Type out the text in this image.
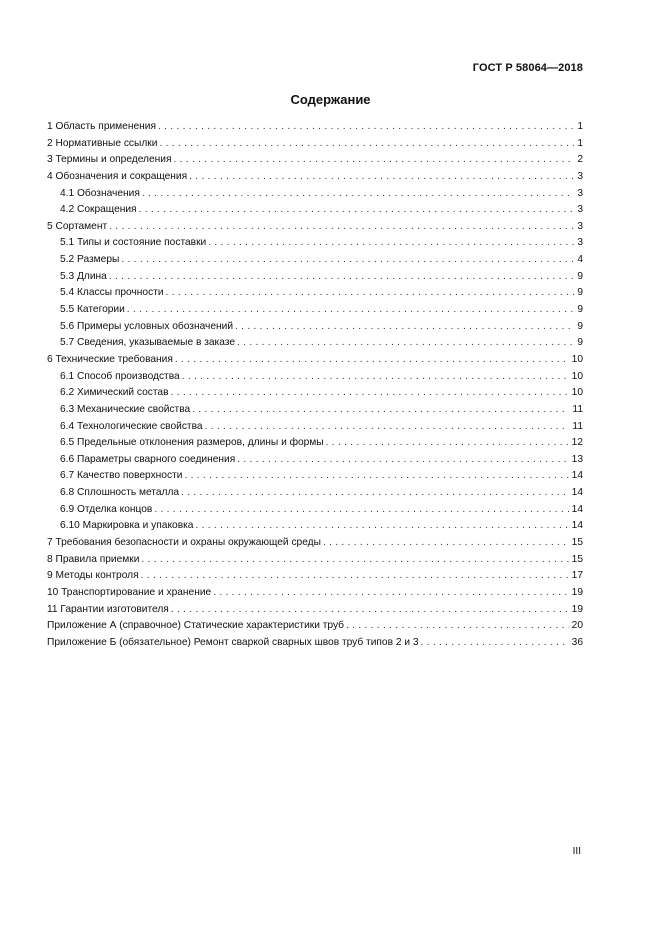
ГОСТ Р 58064—2018
Содержание
1 Область применения . . .	1
2 Нормативные ссылки . . .	1
3 Термины и определения . . .	2
4 Обозначения и сокращения . . .	3
4.1 Обозначения . . .	3
4.2 Сокращения . . .	3
5 Сортамент . . .	3
5.1 Типы и состояние поставки . . .	3
5.2 Размеры . . .	4
5.3 Длина . . .	9
5.4 Классы прочности . . .	9
5.5 Категории . . .	9
5.6 Примеры условных обозначений . . .	9
5.7 Сведения, указываемые в заказе . . .	9
6 Технические требования . . .	10
6.1 Способ производства . . .	10
6.2 Химический состав . . .	10
6.3 Механические свойства . . .	11
6.4 Технологические свойства . . .	11
6.5 Предельные отклонения размеров, длины и формы . . .	12
6.6 Параметры сварного соединения . . .	13
6.7 Качество поверхности . . .	14
6.8 Сплошность металла . . .	14
6.9 Отделка концов . . .	14
6.10 Маркировка и упаковка . . .	14
7 Требования безопасности и охраны окружающей среды . . .	15
8 Правила приемки . . .	15
9 Методы контроля . . .	17
10 Транспортирование и хранение . . .	19
11 Гарантии изготовителя . . .	19
Приложение А (справочное) Статические характеристики труб . . .	20
Приложение Б (обязательное) Ремонт сваркой сварных швов труб типов 2 и 3 . . .	36
III
